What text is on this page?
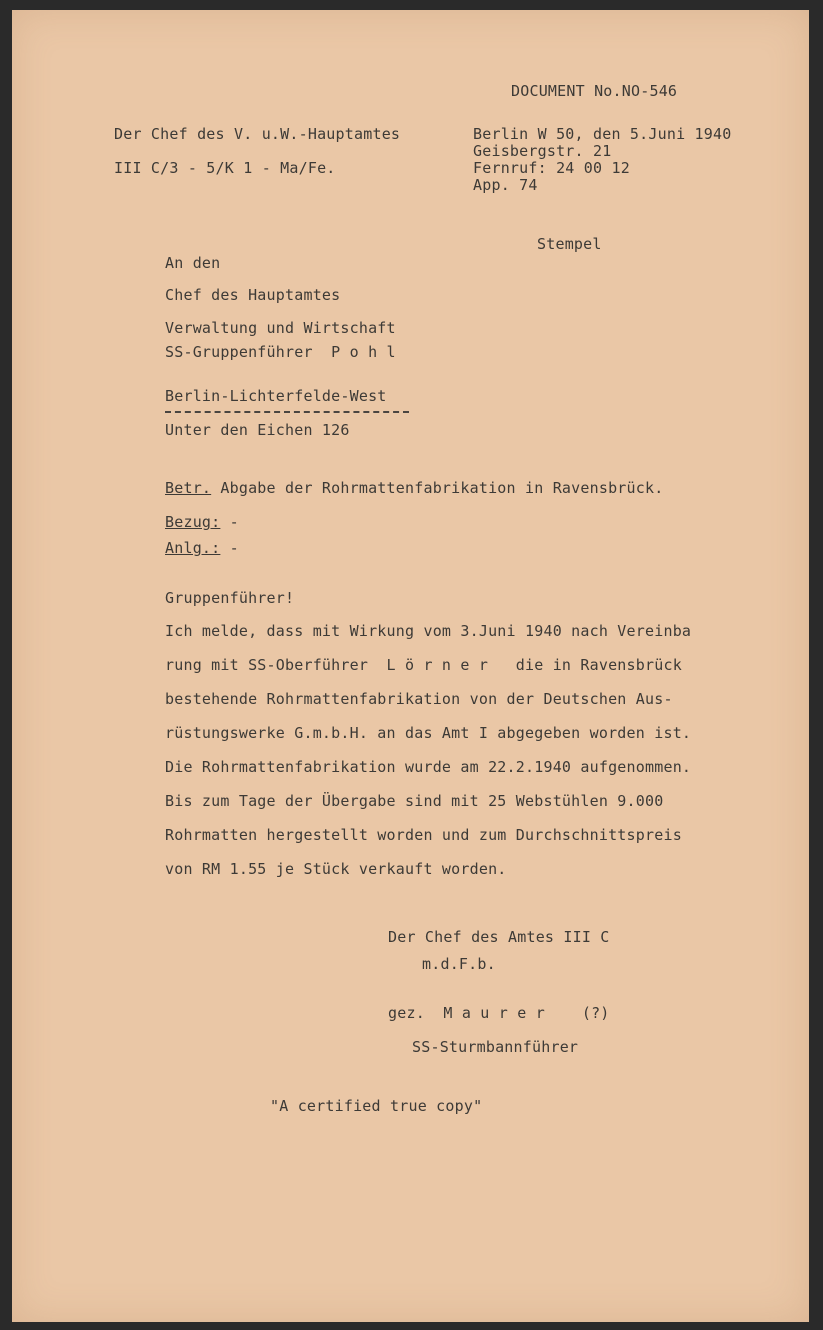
DOCUMENT No.NO-546
Der Chef des V. u.W.-Hauptamtes
III C/3 - 5/K 1 - Ma/Fe.
Berlin W 50, den 5.Juni 1940
Geisbergstr. 21
Fernruf: 24 00 12
App. 74
Stempel
An den
Chef des Hauptamtes
Verwaltung und Wirtschaft
SS-Gruppenführer  P o h l
Berlin-Lichterfelde-West
Unter den Eichen 126
Betr. Abgabe der Rohrmattenfabrikation in Ravensbrück.
Bezug: -
Anlg.: -
Gruppenführer!
Ich melde, dass mit Wirkung vom 3.Juni 1940 nach Vereinba
rung mit SS-Oberführer  L ö r n e r   die in Ravensbrück
bestehende Rohrmattenfabrikation von der Deutschen Aus-
rüstungswerke G.m.b.H. an das Amt I abgegeben worden ist.
Die Rohrmattenfabrikation wurde am 22.2.1940 aufgenommen.
Bis zum Tage der Übergabe sind mit 25 Webstühlen 9.000
Rohrmatten hergestellt worden und zum Durchschnittspreis
von RM 1.55 je Stück verkauft worden.
Der Chef des Amtes III C
m.d.F.b.
gez.  M a u r e r    (?)
SS-Sturmbannführer
"A certified true copy"
